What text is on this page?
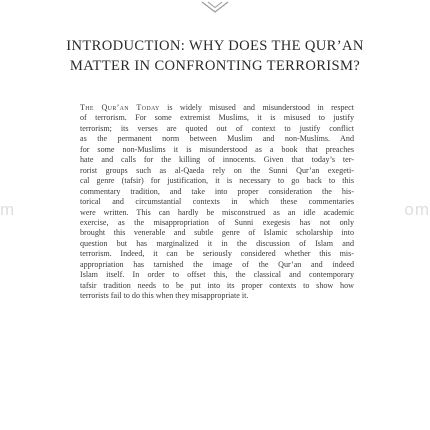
INTRODUCTION: WHY DOES THE QUR’AN
MATTER IN CONFRONTING TERRORISM?
m	om
The Qur’an Today is widely misused and misunderstood in respect
of terrorism. For some extremist Muslims, it is misused to justify
terrorism; its verses are quoted out of context to justify conflict
as the permanent norm between Muslim and non-Muslims. And
for some non-Muslims it is misunderstood as a book that preaches
hate and calls for the killing of innocents. Given that today’s ter-
rorist groups such as al-Qaeda rely on the Sunni Qur’an exegeti-
cal genre (tafsir) for justification, it is necessary to go back to this
commentary tradition, and take into proper consideration the his-
torical and circumstantial contexts in which these commentaries
were written. This can hardly be misconstrued as an idle academic
exercise, as the misappropriation of Sunni exegesis has not only
brought this venerable and subtle genre of Islamic scholarship into
question but has marginalized it in the discussion of Islam and
terrorism. Indeed, it can be seriously considered whether this mis-
appropriation has tarnished the image of the Qur’an and indeed
Islam itself. In order to offset this, the classical and contemporary
tafsir tradition needs to be put into its proper contexts to show how
terrorists fail to do this when they misappropriate it.
